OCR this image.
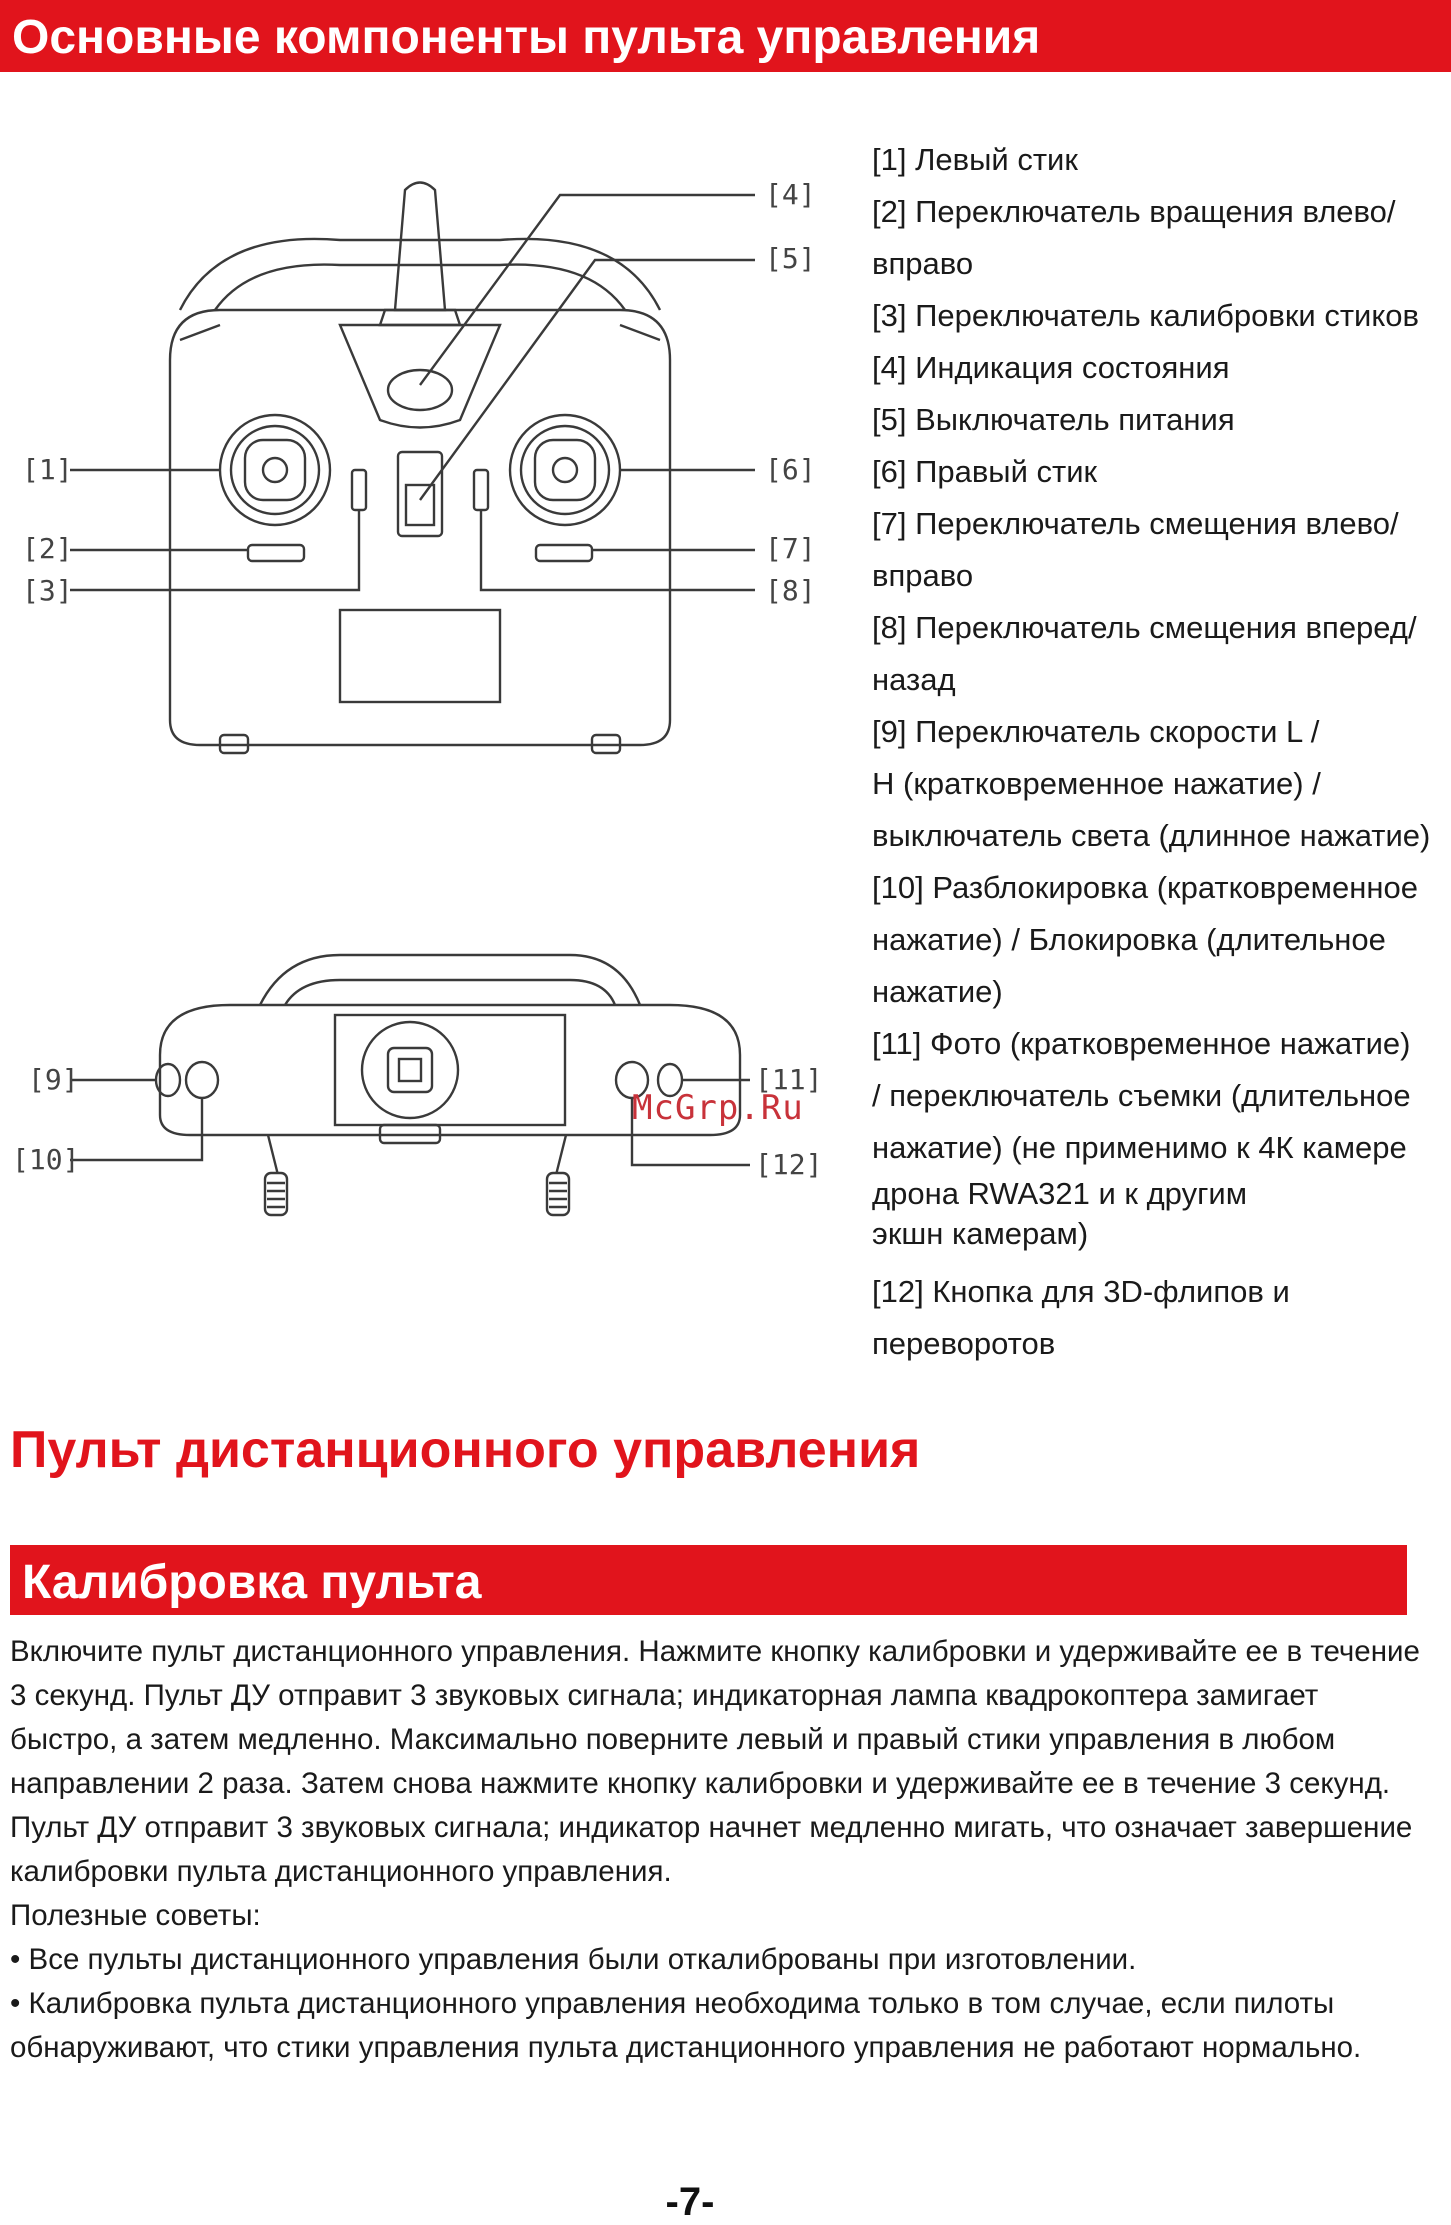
Основные компоненты пульта управления
[4]
[5]
[1]	[6]
[2]	[7]
[3]	[8]
[9]	[11]
[10]	[12]
McGrp.Ru
[1] Левый стик
[2] Переключатель вращения влево/
вправо
[3] Переключатель калибровки стиков
[4] Индикация состояния
[5] Выключатель питания
[6] Правый стик
[7] Переключатель смещения влево/
вправо
[8] Переключатель смещения вперед/
назад
[9] Переключатель скорости L /
H (кратковременное нажатие) /
выключатель света (длинное нажатие)
[10] Разблокировка (кратковременное
нажатие) / Блокировка (длительное
нажатие)
[11] Фото (кратковременное нажатие)
/ переключатель съемки (длительное
нажатие) (не применимо к 4К камере
дрона RWA321 и к другим
экшн камерам)
[12] Кнопка для 3D-флипов и
переворотов
Пульт дистанционного управления
Калибровка пульта

Включите пульт дистанционного управления. Нажмите кнопку калибровки и удерживайте ее в течение 3 секунд. Пульт ДУ отправит 3 звуковых сигнала; индикаторная лампа квадрокоптера замигает быстро, а затем медленно. Максимально поверните левый и правый стики управления в любом направлении 2 раза. Затем снова нажмите кнопку калибровки и удерживайте ее в течение 3 секунд. Пульт ДУ отправит 3 звуковых сигнала; индикатор начнет медленно мигать, что означает завершение калибровки пульта дистанционного управления.

Полезные советы:

• Все пульты дистанционного управления были откалиброваны при изготовлении.

• Калибровка пульта дистанционного управления необходима только в том случае, если пилоты обнаруживают, что стики управления пульта дистанционного управления не работают нормально.

-7-
